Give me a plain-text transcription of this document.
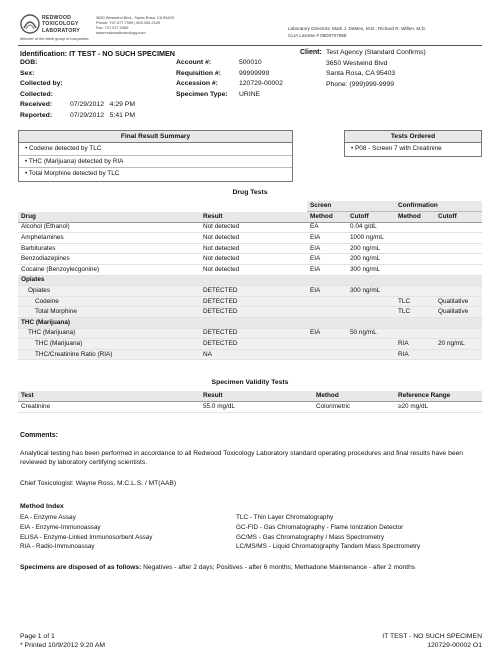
REDWOOD
TOXICOLOGY
LABORATORY
Member of the Alere group of companies
3650 Westwind Blvd., Santa Rosa, CA 95403
Phone: 707.577.7959 | 800.255.2159
Fax: 707.577.0365
www.redwoodtoxicology.com
Laboratory Directors: Mark J. DeMeo, M.D.; Richard R. Wilber, M.D.
CLIA License # 05D0707568
Identification: IT TEST - NO SUCH SPECIMEN
DOB:
Sex:
Collected by:
Collected:
Received:	07/29/2012   4:29 PM
Reported:	07/29/2012   5:41 PM
Account #:	500010
Requisition #:	99999999
Accession #:	120729-00002
Specimen Type: URINE
Client: Test Agency (Standard Confirms)
3650 Westwind Blvd
Santa Rosa, CA 95403
Phone: (999)999-9999
Final Result Summary
• Codeine detected by TLC
• THC (Marijuana) detected by RIA
• Total Morphine detected by TLC
Tests Ordered
• P08 - Screen 7 with Creatinine
Drug Tests
		Screen		Confirmation	
Drug	Result	Method	Cutoff	Method	Cutoff
Alcohol (Ethanol)	Not detected	EA	0.04 g/dL		
Amphetamines	Not detected	EIA	1000 ng/mL		
Barbiturates	Not detected	EIA	200 ng/mL		
Benzodiazepines	Not detected	EIA	200 ng/mL		
Cocaine (Benzoylecgonine)	Not detected	EIA	300 ng/mL		
Opiates					
Opiates	DETECTED	EIA	300 ng/mL		
Codeine	DETECTED			TLC	Qualitative
Total Morphine	DETECTED			TLC	Qualitative
THC (Marijuana)					
THC (Marijuana)	DETECTED	EIA	50 ng/mL		
THC (Marijuana)	DETECTED			RIA	20 ng/mL
THC/Creatinine Ratio (RIA)	NA			RIA	
Specimen Validity Tests
Test	Result	Method	Reference Range
Creatinine	55.0 mg/dL	Colorimetric	≥20 mg/dL
Comments:

Analytical testing has been performed in accordance to all Redwood Toxicology Laboratory standard operating procedures and final results have been reviewed by laboratory certifying scientists.

Chief Toxicologist: Wayne Ross, M.C.L.S. / MT(AAB)

Method Index
EA - Enzyme Assay
EIA - Enzyme-Immunoassay
ELISA - Enzyme-Linked Immunosorbent Assay
RIA - Radio-Immunoassay
TLC - Thin Layer Chromatography
GC-FID - Gas Chromatography - Flame Ionization Detector
GC/MS - Gas Chromatography / Mass Spectrometry
LC/MS/MS - Liquid Chromatography Tandem Mass Spectrometry
Specimens are disposed of as follows: Negatives - after 2 days; Positives - after 6 months; Methadone Maintenance - after 2 months
Page 1 of 1
* Printed 10/9/2012 9:20 AM
IT TEST - NO SUCH SPECIMEN
120729-00002 O1
